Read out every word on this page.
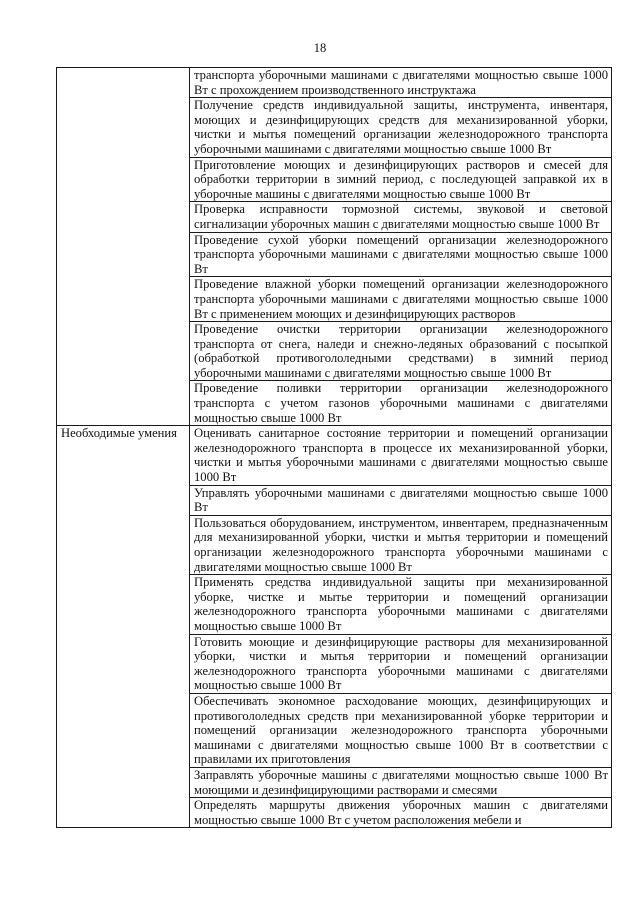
18
	транспорта уборочными машинами с двигателями мощностью свыше 1000 Вт с прохождением производственного инструктажа
	Получение средств индивидуальной защиты, инструмента, инвентаря, моющих и дезинфицирующих средств для механизированной уборки, чистки и мытья помещений организации железнодорожного транспорта уборочными машинами с двигателями мощностью свыше 1000 Вт
	Приготовление моющих и дезинфицирующих растворов и смесей для обработки территории в зимний период, с последующей заправкой их в уборочные машины с двигателями мощностью свыше 1000 Вт
	Проверка исправности тормозной системы, звуковой и световой сигнализации уборочных машин с двигателями мощностью свыше 1000 Вт
	Проведение сухой уборки помещений организации железнодорожного транспорта уборочными машинами с двигателями мощностью свыше 1000 Вт
	Проведение влажной уборки помещений организации железнодорожного транспорта уборочными машинами с двигателями мощностью свыше 1000 Вт с применением моющих и дезинфицирующих растворов
	Проведение очистки территории организации железнодорожного транспорта от снега, наледи и снежно-ледяных образований с посыпкой (обработкой противогололедными средствами) в зимний период уборочными машинами с двигателями мощностью свыше 1000 Вт
	Проведение поливки территории организации железнодорожного транспорта с учетом газонов уборочными машинами с двигателями мощностью свыше 1000 Вт

Необходимые умения	Оценивать санитарное состояние территории и помещений организации железнодорожного транспорта в процессе их механизированной уборки, чистки и мытья уборочными машинами с двигателями мощностью свыше 1000 Вт
	Управлять уборочными машинами с двигателями мощностью свыше 1000 Вт
	Пользоваться оборудованием, инструментом, инвентарем, предназначенным для механизированной уборки, чистки и мытья территории и помещений организации железнодорожного транспорта уборочными машинами с двигателями мощностью свыше 1000 Вт
	Применять средства индивидуальной защиты при механизированной уборке, чистке и мытье территории и помещений организации железнодорожного транспорта уборочными машинами с двигателями мощностью свыше 1000 Вт
	Готовить моющие и дезинфицирующие растворы для механизированной уборки, чистки и мытья территории и помещений организации железнодорожного транспорта уборочными машинами с двигателями мощностью свыше 1000 Вт
	Обеспечивать экономное расходование моющих, дезинфицирующих и противогололедных средств при механизированной уборке территории и помещений организации железнодорожного транспорта уборочными машинами с двигателями мощностью свыше 1000 Вт в соответствии с правилами их приготовления
	Заправлять уборочные машины с двигателями мощностью свыше 1000 Вт моющими и дезинфицирующими растворами и смесями
	Определять маршруты движения уборочных машин с двигателями мощностью свыше 1000 Вт с учетом расположения мебели и
